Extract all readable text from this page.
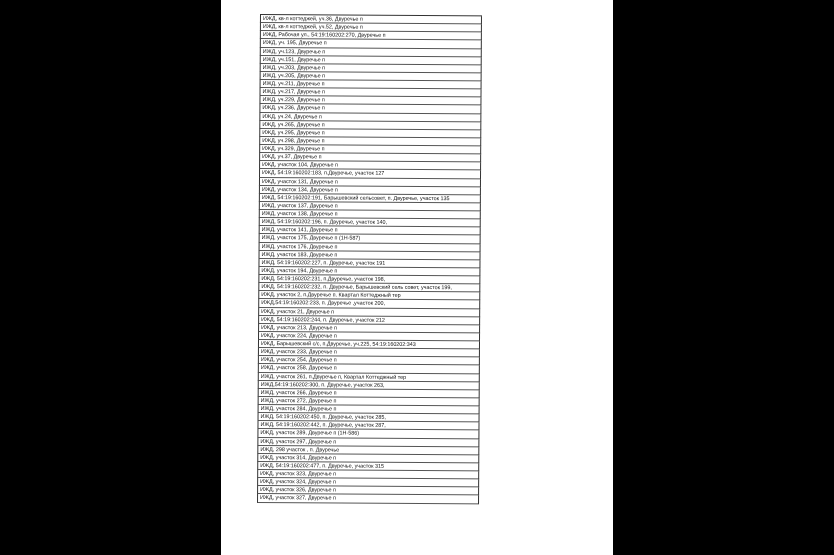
ИЖД, кв-л коттеджей, уч.36, Двуречье п
ИЖД, кв-л коттеджей, уч.52, Двуречье п
ИЖД, Рабочая ул., 54:19:160202:270, Двуречье п
ИЖД, уч. 195, Двуречье п
ИЖД, уч.123, Двуречье п
ИЖД, уч.151, Двуречье п
ИЖД, уч.203, Двуречье п
ИЖД, уч.205, Двуречье п
ИЖД, уч.211, Двуречье п
ИЖД, уч.217, Двуречье п
ИЖД, уч.229, Двуречье п
ИЖД, уч.236, Двуречье п
ИЖД, уч.24, Двуречье п
ИЖД, уч.265, Двуречье п
ИЖД, уч.295, Двуречье п
ИЖД, уч.298, Двуречье п
ИЖД, уч.329, Двуречье п
ИЖД, уч.37, Двуречье п
ИЖД, участок 104, Двуречье п
ИЖД, 54:19:160202:183, п.Двуречье, участок 127
ИЖД, участок 131, Двуречье п
ИЖД, участок 134, Двуречье п
ИЖД, 54:19:160202:191, Барышевский сельсовет, п. Двуречье, участок 135
ИЖД, участок 137, Двуречье п
ИЖД, участок 138, Двуречье п
ИЖД, 54:19:160202:196, п. Двуречье, участок 140,
ИЖД, участок 141, Двуречье п
ИЖД, участок 175, Двуречье п (1Н-587)
ИЖД, участок 176, Двуречье п
ИЖД, участок 183, Двуречье п
ИЖД, 54:19:160202:227, п. Двуречье, участок 191
ИЖД, участок 194, Двуречье п
ИЖД, 54:19:160202:231, п.Двуречье, участок 198,
ИЖД, 54:19:160202:232, п. Двуречье, Барышевский сель совет, участок 199,
ИЖД, участок 2, п.Двуречье п. Квартал Коттеджный тер
ИЖД,54:19:160202:233, п. Двуречье ,участок 200,
ИЖД, участок 21, Двуречье п
ИЖД, 54:19:160202:244, п. Двуречье, участок 212
ИЖД, участок 213, Двуречье п
ИЖД, участок 224, Двуречье п
ИЖД, Барышевский с/с, п.Двуречье, уч.225, 54:19:160202:343
ИЖД, участок 233, Двуречье п
ИЖД, участок 254, Двуречье п
ИЖД, участок 258, Двуречье п
ИЖД, участок 261, п.Двуречье п, Квартал Коттеджный тер
ИЖД,54:19:160202:300, п. Двуречье, участок 263,
ИЖД, участок 266, Двуречье п
ИЖД, участок 272, Двуречье п
ИЖД, участок 284, Двуречье п
ИЖД, 54:19:160202:450, п. Двуречье, участок 285,
ИЖД, 54:19:160202:442, п. Двуречье, участок 287,
ИЖД, участок 289, Двуречье п (1Н-586)
ИЖД, участок 297, Двуречье п
ИЖД, 298 участок , п. Двуречье
ИЖД, участок 314, Двуречье п
ИЖД, 54:19:160202:477, п. Двуречье, участок 315
ИЖД, участок 323, Двуречье п
ИЖД, участок 324, Двуречье п
ИЖД, участок 326, Двуречье п
ИЖД, участок 327, Двуречье п
